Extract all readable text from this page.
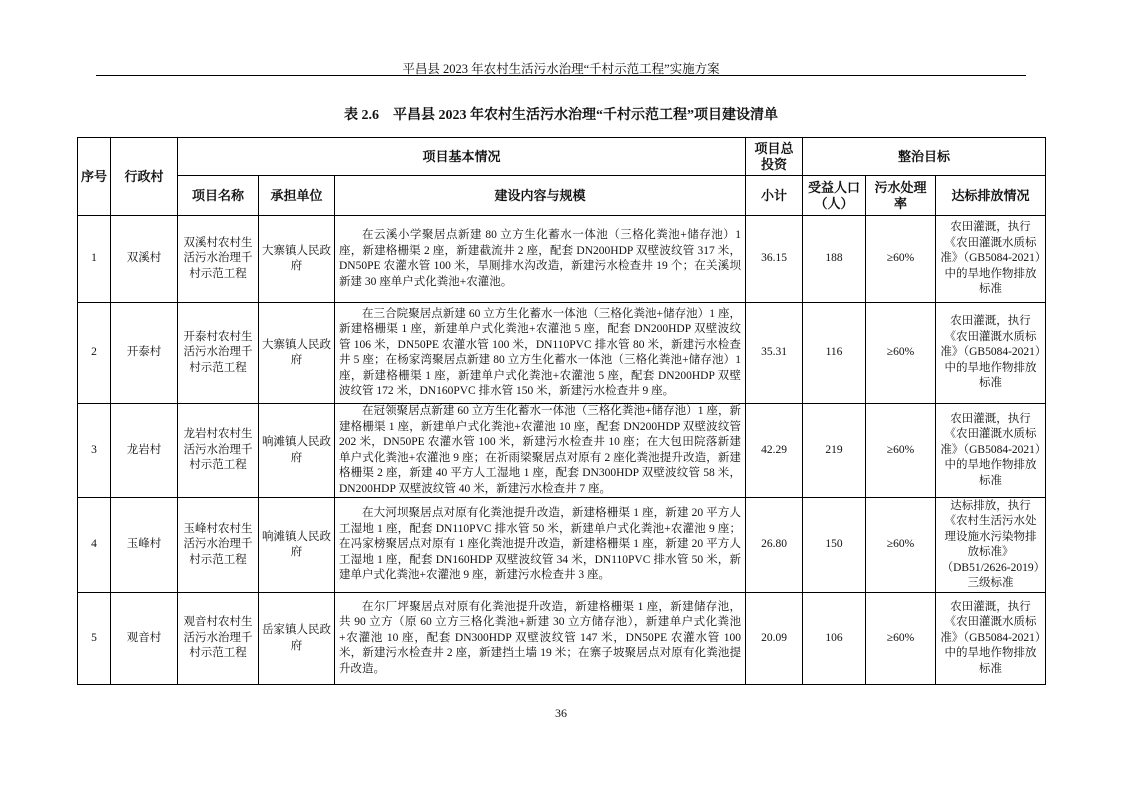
平昌县 2023 年农村生活污水治理“千村示范工程”实施方案
表 2.6　平昌县 2023 年农村生活污水治理“千村示范工程”项目建设清单
序号	行政村	项目基本情况			项目总投资	整治目标		
		项目名称	承担单位	建设内容与规模	小计	受益人口（人）	污水处理率	达标排放情况
1	双溪村	双溪村农村生活污水治理千村示范工程	大寨镇人民政府	在云溪小学聚居点新建 80 立方生化蓄水一体池（三格化粪池+储存池）1 座，新建格栅渠 2 座，新建截流井 2 座，配套 DN200HDP 双壁波纹管 317 米，DN50PE 农灌水管 100 米，旱厕排水沟改造，新建污水检查井 19 个；在关溪坝新建 30 座单户式化粪池+农灌池。	36.15	188	≥60%	农田灌溉，执行《农田灌溉水质标准》（GB5084-2021）中的旱地作物排放标准
2	开泰村	开泰村农村生活污水治理千村示范工程	大寨镇人民政府	在三合院聚居点新建 60 立方生化蓄水一体池（三格化粪池+储存池）1 座，新建格栅渠 1 座，新建单户式化粪池+农灌池 5 座，配套 DN200HDP 双壁波纹管 106 米，DN50PE 农灌水管 100 米，DN110PVC 排水管 80 米，新建污水检查井 5 座；在杨家湾聚居点新建 80 立方生化蓄水一体池（三格化粪池+储存池）1 座，新建格栅渠 1 座，新建单户式化粪池+农灌池 5 座，配套 DN200HDP 双壁波纹管 172 米，DN160PVC 排水管 150 米，新建污水检查井 9 座。	35.31	116	≥60%	农田灌溉，执行《农田灌溉水质标准》（GB5084-2021）中的旱地作物排放标准
3	龙岩村	龙岩村农村生活污水治理千村示范工程	响滩镇人民政府	在冠领聚居点新建 60 立方生化蓄水一体池（三格化粪池+储存池）1 座，新建格栅渠 1 座，新建单户式化粪池+农灌池 10 座，配套 DN200HDP 双壁波纹管 202 米，DN50PE 农灌水管 100 米，新建污水检查井 10 座；在大包田院落新建单户式化粪池+农灌池 9 座；在祈雨梁聚居点对原有 2 座化粪池提升改造，新建格栅渠 2 座，新建 40 平方人工湿地 1 座，配套 DN300HDP 双壁波纹管 58 米，DN200HDP 双壁波纹管 40 米，新建污水检查井 7 座。	42.29	219	≥60%	农田灌溉，执行《农田灌溉水质标准》（GB5084-2021）中的旱地作物排放标准
4	玉峰村	玉峰村农村生活污水治理千村示范工程	响滩镇人民政府	在大河坝聚居点对原有化粪池提升改造，新建格栅渠 1 座，新建 20 平方人工湿地 1 座，配套 DN110PVC 排水管 50 米，新建单户式化粪池+农灌池 9 座；在冯家榜聚居点对原有 1 座化粪池提升改造，新建格栅渠 1 座，新建 20 平方人工湿地 1 座，配套 DN160HDP 双壁波纹管 34 米，DN110PVC 排水管 50 米，新建单户式化粪池+农灌池 9 座，新建污水检查井 3 座。	26.80	150	≥60%	达标排放，执行《农村生活污水处理设施水污染物排放标准》（DB51/2626-2019）三级标准
5	观音村	观音村农村生活污水治理千村示范工程	岳家镇人民政府	在尔厂坪聚居点对原有化粪池提升改造，新建格栅渠 1 座，新建储存池，共 90 立方（原 60 立方三格化粪池+新建 30 立方储存池），新建单户式化粪池+农灌池 10 座，配套 DN300HDP 双壁波纹管 147 米，DN50PE 农灌水管 100 米，新建污水检查井 2 座，新建挡土墙 19 米；在寨子坡聚居点对原有化粪池提升改造。	20.09	106	≥60%	农田灌溉，执行《农田灌溉水质标准》（GB5084-2021）中的旱地作物排放标准
36
